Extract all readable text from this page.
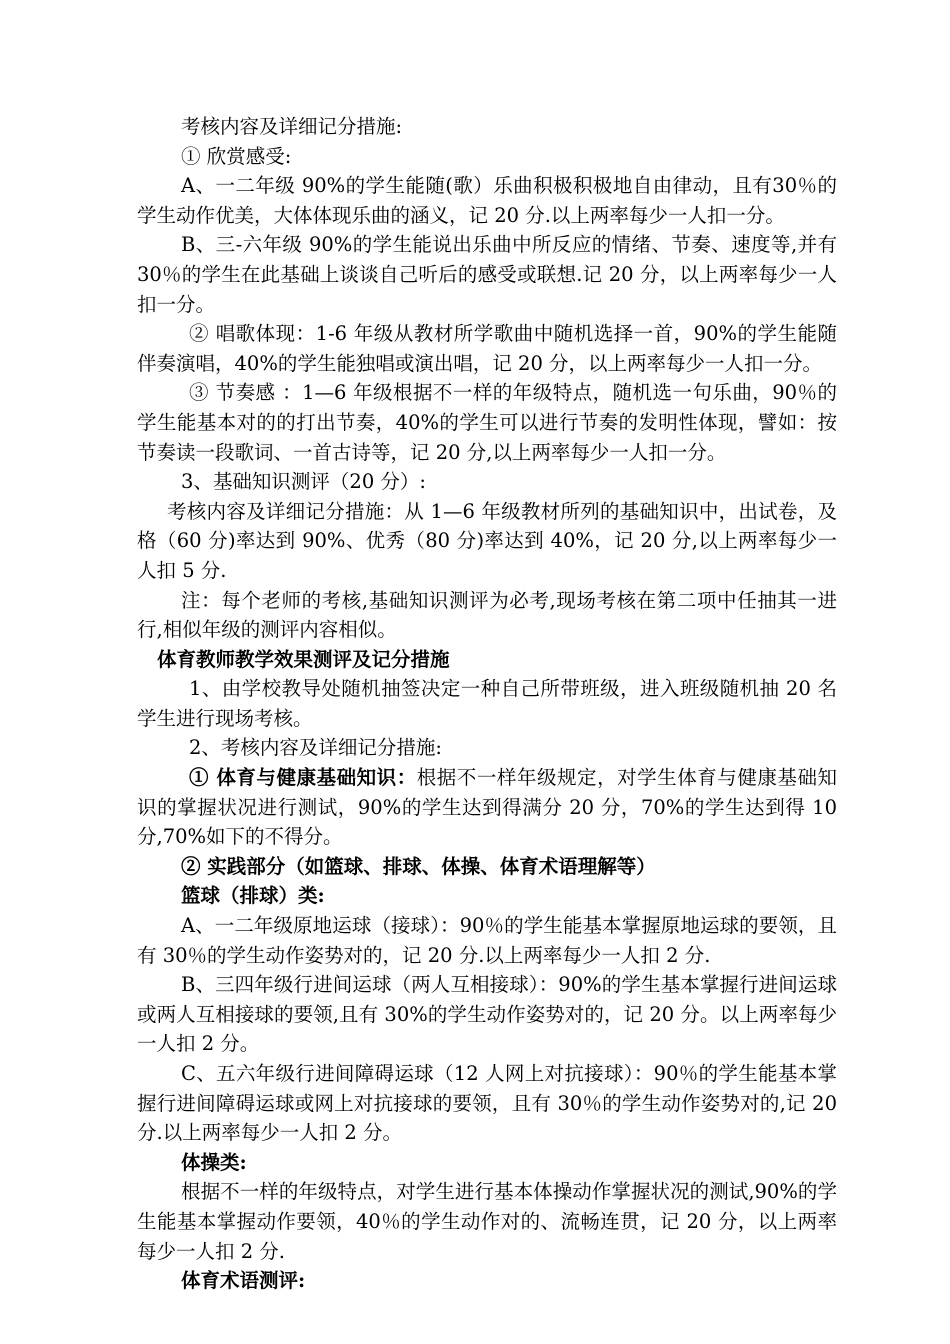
考核内容及详细记分措施:

① 欣赏感受:

A、一二年级 90%的学生能随(歌）乐曲积极积极地自由律动，且有30％的学生动作优美，大体体现乐曲的涵义，记 20 分.以上两率每少一人扣一分。

B、三-六年级 90%的学生能说出乐曲中所反应的情绪、节奏、速度等,并有 30％的学生在此基础上谈谈自己听后的感受或联想.记 20 分，以上两率每少一人扣一分。

② 唱歌体现：1-6 年级从教材所学歌曲中随机选择一首，90%的学生能随伴奏演唱，40%的学生能独唱或演出唱，记 20 分，以上两率每少一人扣一分。

③ 节奏感 ：1—6 年级根据不一样的年级特点，随机选一句乐曲，90％的学生能基本对的的打出节奏，40%的学生可以进行节奏的发明性体现，譬如：按节奏读一段歌词、一首古诗等，记 20 分,以上两率每少一人扣一分。

3、基础知识测评（20 分）:

考核内容及详细记分措施：从 1—6 年级教材所列的基础知识中，出试卷，及格（60 分)率达到 90%、优秀（80 分)率达到 40%，记 20 分,以上两率每少一人扣 5 分.

注：每个老师的考核,基础知识测评为必考,现场考核在第二项中任抽其一进行,相似年级的测评内容相似。

体育教师教学效果测评及记分措施

1、由学校教导处随机抽签决定一种自己所带班级，进入班级随机抽 20 名学生进行现场考核。

2、考核内容及详细记分措施:

① 体育与健康基础知识：根据不一样年级规定，对学生体育与健康基础知识的掌握状况进行测试，90%的学生达到得满分 20 分，70%的学生达到得 10 分,70%如下的不得分。

② 实践部分（如篮球、排球、体操、体育术语理解等）

篮球（排球）类:

A、一二年级原地运球（接球）：90％的学生能基本掌握原地运球的要领，且有 30％的学生动作姿势对的，记 20 分.以上两率每少一人扣 2 分.

B、三四年级行进间运球（两人互相接球）：90%的学生基本掌握行进间运球或两人互相接球的要领,且有 30%的学生动作姿势对的，记 20 分。以上两率每少一人扣 2 分。

C、五六年级行进间障碍运球（12 人网上对抗接球）：90％的学生能基本掌握行进间障碍运球或网上对抗接球的要领，且有 30％的学生动作姿势对的,记 20 分.以上两率每少一人扣 2 分。

体操类:

根据不一样的年级特点，对学生进行基本体操动作掌握状况的测试,90%的学生能基本掌握动作要领，40％的学生动作对的、流畅连贯，记 20 分，以上两率每少一人扣 2 分.

体育术语测评:
